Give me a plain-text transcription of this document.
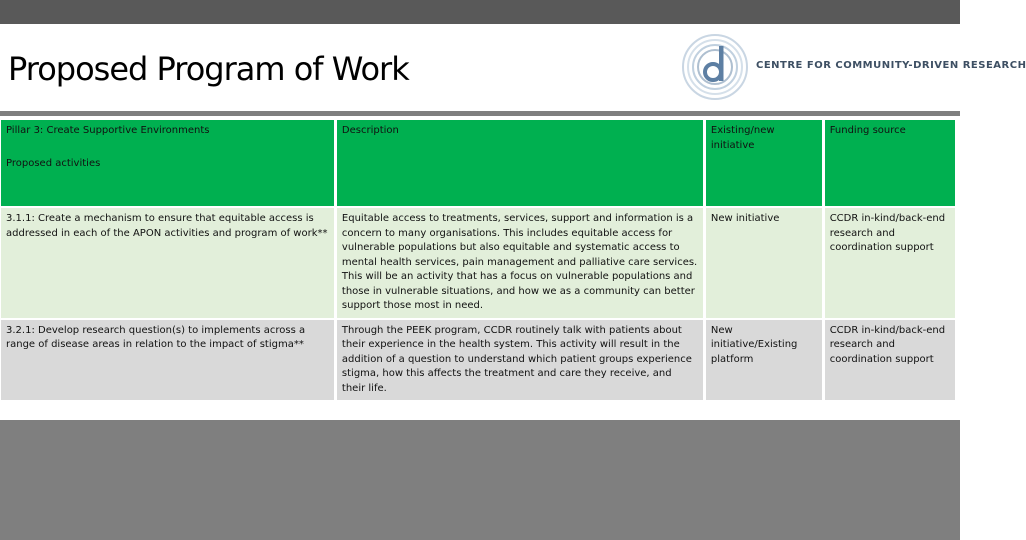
Proposed Program of Work	CENTRE FOR COMMUNITY-DRIVEN RESEARCH
Pillar 3: Create Supportive Environments
Proposed activities	Description	Existing/new initiative	Funding source
3.1.1: Create a mechanism to ensure that equitable access is addressed in each of the APON activities and program of work**	Equitable access to treatments, services, support and information is a concern to many organisations. This includes equitable access for vulnerable populations but also equitable and systematic access to mental health services, pain management and palliative care services. This will be an activity that has a focus on vulnerable populations and those in vulnerable situations, and how we as a community can better support those most in need.	New initiative	CCDR in-kind/back-end research and coordination support
3.2.1: Develop research question(s) to implements across a range of disease areas in relation to the impact of stigma**	Through the PEEK program, CCDR routinely talk with patients about their experience in the health system. This activity will result in the addition of a question to understand which patient groups experience stigma, how this affects the treatment and care they receive, and their life.	New initiative/Existing platform	CCDR in-kind/back-end research and coordination support
